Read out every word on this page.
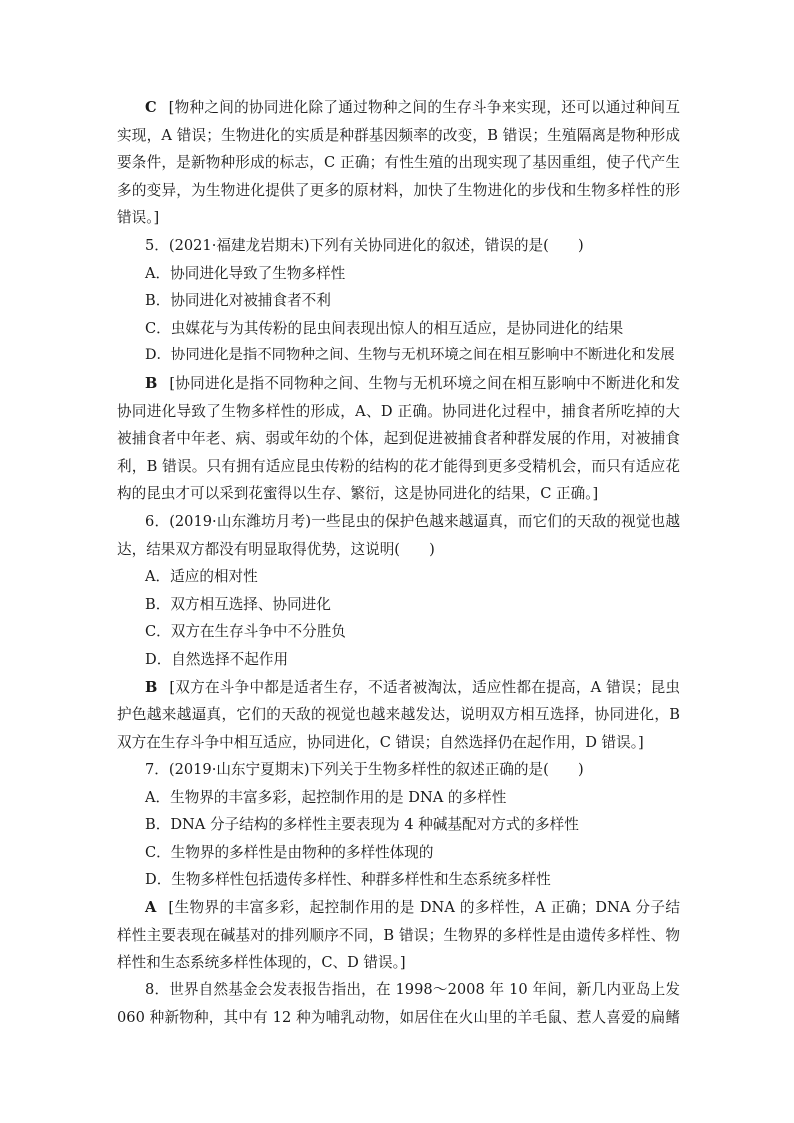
C [物种之间的协同进化除了通过物种之间的生存斗争来实现，还可以通过种间互
实现，A 错误；生物进化的实质是种群基因频率的改变，B 错误；生殖隔离是物种形成
要条件，是新物种形成的标志，C 正确；有性生殖的出现实现了基因重组，使子代产生
多的变异，为生物进化提供了更多的原材料，加快了生物进化的步伐和生物多样性的形
错误。]
5．(2021·福建龙岩期末)下列有关协同进化的叙述，错误的是(　　)
A．协同进化导致了生物多样性
B．协同进化对被捕食者不利
C．虫媒花与为其传粉的昆虫间表现出惊人的相互适应，是协同进化的结果
D．协同进化是指不同物种之间、生物与无机环境之间在相互影响中不断进化和发展
B [协同进化是指不同物种之间、生物与无机环境之间在相互影响中不断进化和发
协同进化导致了生物多样性的形成，A、D 正确。协同进化过程中，捕食者所吃掉的大
被捕食者中年老、病、弱或年幼的个体，起到促进被捕食者种群发展的作用，对被捕食
利，B 错误。只有拥有适应昆虫传粉的结构的花才能得到更多受精机会，而只有适应花
构的昆虫才可以采到花蜜得以生存、繁衍，这是协同进化的结果，C 正确。]
6．(2019·山东潍坊月考)一些昆虫的保护色越来越逼真，而它们的天敌的视觉也越
达，结果双方都没有明显取得优势，这说明(　　)
A．适应的相对性
B．双方相互选择、协同进化
C．双方在生存斗争中不分胜负
D．自然选择不起作用
B [双方在斗争中都是适者生存，不适者被淘汰，适应性都在提高，A 错误；昆虫
护色越来越逼真，它们的天敌的视觉也越来越发达，说明双方相互选择，协同进化，B
双方在生存斗争中相互适应，协同进化，C 错误；自然选择仍在起作用，D 错误。]
7．(2019·山东宁夏期末)下列关于生物多样性的叙述正确的是(　　)
A．生物界的丰富多彩，起控制作用的是 DNA 的多样性
B．DNA 分子结构的多样性主要表现为 4 种碱基配对方式的多样性
C．生物界的多样性是由物种的多样性体现的
D．生物多样性包括遗传多样性、种群多样性和生态系统多样性
A [生物界的丰富多彩，起控制作用的是 DNA 的多样性，A 正确；DNA 分子结
样性主要表现在碱基对的排列顺序不同，B 错误；生物界的多样性是由遗传多样性、物
样性和生态系统多样性体现的，C、D 错误。]
8．世界自然基金会发表报告指出，在 1998～2008 年 10 年间，新几内亚岛上发
060 种新物种，其中有 12 种为哺乳动物，如居住在火山里的羊毛鼠、惹人喜爱的扁鳍
